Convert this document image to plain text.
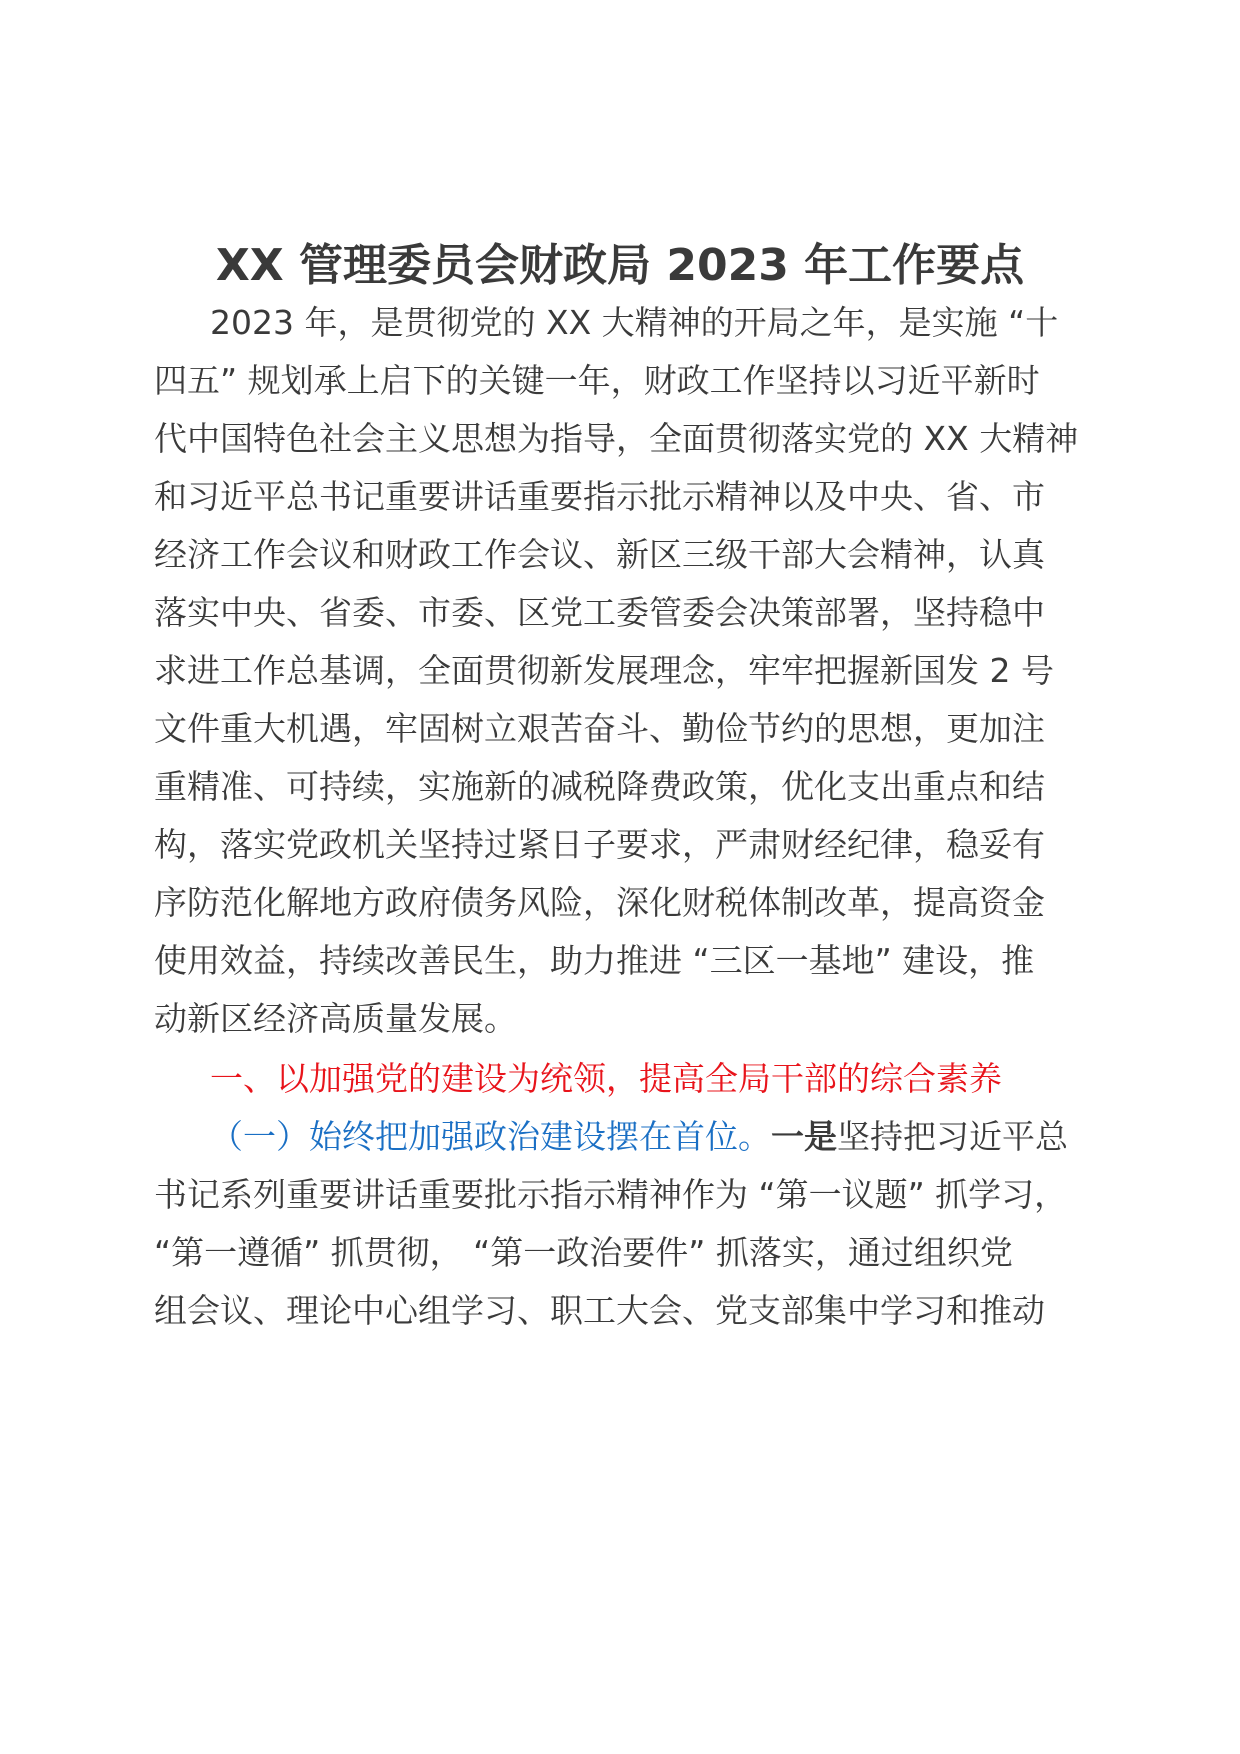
XX 管理委员会财政局 2023 年工作要点
2023 年，是贯彻党的 XX 大精神的开局之年，是实施 “十
四五” 规划承上启下的关键一年，财政工作坚持以习近平新时
代中国特色社会主义思想为指导，全面贯彻落实党的 XX 大精神
和习近平总书记重要讲话重要指示批示精神以及中央、省、市
经济工作会议和财政工作会议、新区三级干部大会精神，认真
落实中央、省委、市委、区党工委管委会决策部署，坚持稳中
求进工作总基调，全面贯彻新发展理念，牢牢把握新国发 2 号
文件重大机遇，牢固树立艰苦奋斗、勤俭节约的思想，更加注
重精准、可持续，实施新的减税降费政策，优化支出重点和结
构，落实党政机关坚持过紧日子要求，严肃财经纪律，稳妥有
序防范化解地方政府债务风险，深化财税体制改革，提高资金
使用效益，持续改善民生，助力推进 “三区一基地” 建设，推
动新区经济高质量发展。
一、以加强党的建设为统领，提高全局干部的综合素养
（一）始终把加强政治建设摆在首位。一是坚持把习近平总
书记系列重要讲话重要批示指示精神作为 “第一议题” 抓学习，
“第一遵循” 抓贯彻， “第一政治要件” 抓落实，通过组织党
组会议、理论中心组学习、职工大会、党支部集中学习和推动
